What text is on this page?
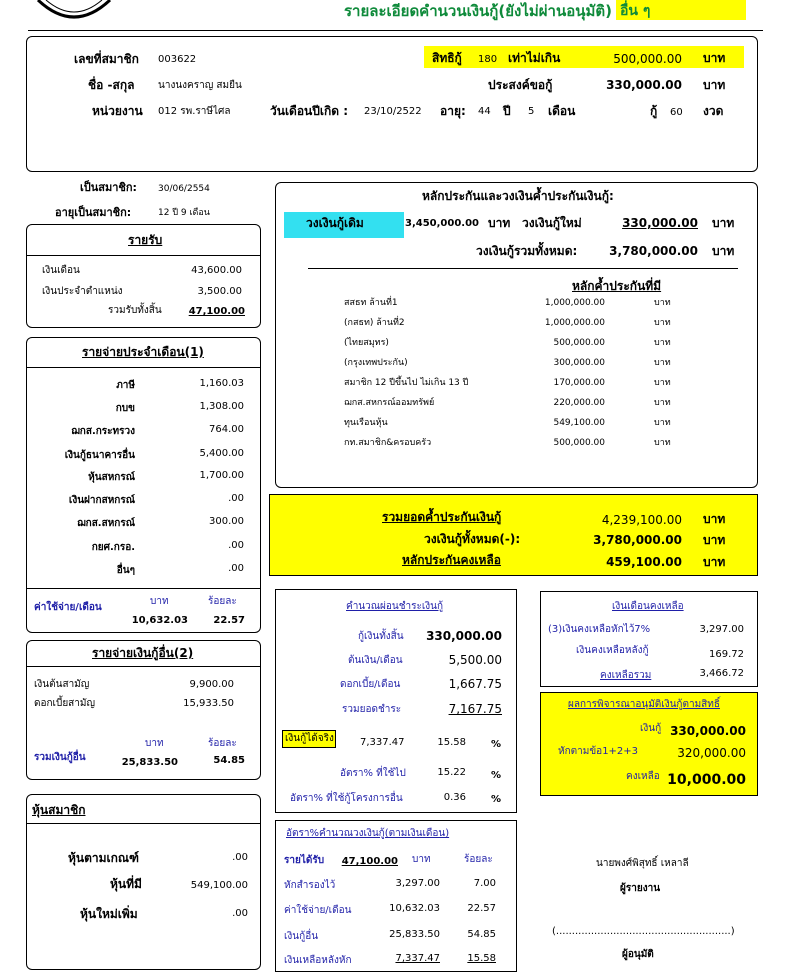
รายละเอียดคำนวนเงินกู้(ยังไม่ผ่านอนุมัติ) อื่น ๆ
เลขที่สมาชิก 003622
ชื่อ -สกุล นางนงคราญ สมยืน
หน่วยงาน 012 รพ.ราษีไศล	วันเดือนปีเกิด : 23/10/2522 อายุ: 44 ปี 5 เดือน
สิทธิกู้ 180 เท่าไม่เกิน	500,000.00 บาท
ประสงค์ขอกู้	330,000.00 บาท
กู้ 60 งวด
เป็นสมาชิก: 30/06/2554
อายุเป็นสมาชิก:	12 ปี 9 เดือน
รายรับ
เงินเดือน	43,600.00
เงินประจำตำแหน่ง	3,500.00
รวมรับทั้งสิ้น	47,100.00
รายจ่ายประจำเดือน(1)
ภาษี	1,160.03
กบข	1,308.00
ฌกส.กระทรวง	764.00
เงินกู้ธนาคารอื่น	5,400.00
หุ้นสหกรณ์	1,700.00
เงินฝากสหกรณ์	.00
ฌกส.สหกรณ์	300.00
กยศ.กรอ.	.00
อื่นๆ	.00
ค่าใช้จ่าย/เดือน
บาท	ร้อยละ
10,632.03	22.57
รายจ่ายเงินกู้อื่น(2)
เงินต้นสามัญ	9,900.00
ดอกเบี้ยสามัญ	15,933.50
รวมเงินกู้อื่น
บาท	ร้อยละ
25,833.50	54.85
หุ้นสมาชิก
หุ้นตามเกณฑ์	.00
หุ้นที่มี	549,100.00
หุ้นใหม่เพิ่ม	.00
หลักประกันและวงเงินค้ำประกันเงินกู้:
วงเงินกู้เดิม	3,450,000.00 บาท วงเงินกู้ใหม่	330,000.00 บาท
วงเงินกู้รวมทั้งหมด:	3,780,000.00 บาท
หลักค้ำประกันที่มี
สสธท ล้านที่1	1,000,000.00	บาท
(กสธท) ล้านที่2	1,000,000.00	บาท
(ไทยสมุทร)	500,000.00	บาท
(กรุงเทพประกัน)	300,000.00	บาท
สมาชิก 12 ปีขึ้นไป ไม่เกิน 13 ปี	170,000.00	บาท
ฌกส.สหกรณ์ออมทรัพย์	220,000.00	บาท
ทุนเรือนหุ้น	549,100.00	บาท
กท.สมาชิก&ครอบครัว	500,000.00	บาท
รวมยอดค้ำประกันเงินกู้	4,239,100.00 บาท
วงเงินกู้ทั้งหมด(-):	3,780,000.00 บาท
หลักประกันคงเหลือ	459,100.00 บาท
คำนวณผ่อนชำระเงินกู้
กู้เงินทั้งสิ้น	330,000.00
ต้นเงิน/เดือน	5,500.00
ดอกเบี้ย/เดือน	1,667.75
รวมยอดชำระ	7,167.75
เงินกู้ได้จริง	7,337.47	15.58	%
อัตรา% ที่ใช้ไป	15.22	%
อัตรา% ที่ใช้กู้โครงการอื่น	0.36	%
เงินเดือนคงเหลือ
(3)เงินคงเหลือหักไว้7%	3,297.00
เงินคงเหลือหลังกู้	169.72
คงเหลือรวม	3,466.72
ผลการพิจารณาอนุมัติเงินกู้ตามสิทธิ์
เงินกู้ 330,000.00
หักตามข้อ1+2+3	320,000.00
คงเหลือ 10,000.00
อัตรา%คำนวณวงเงินกู้(ตามเงินเดือน)
รายได้รับ 47,100.00 บาท	ร้อยละ
หักสำรองไว้	3,297.00	7.00
ค่าใช้จ่าย/เดือน	10,632.03	22.57
เงินกู้อื่น	25,833.50	54.85
เงินเหลือหลังหัก	7,337.47	15.58
นายพงศ์พิสุทธิ์ เหลาลี
ผู้รายงาน
(.......................................................)
ผู้อนุมัติ
